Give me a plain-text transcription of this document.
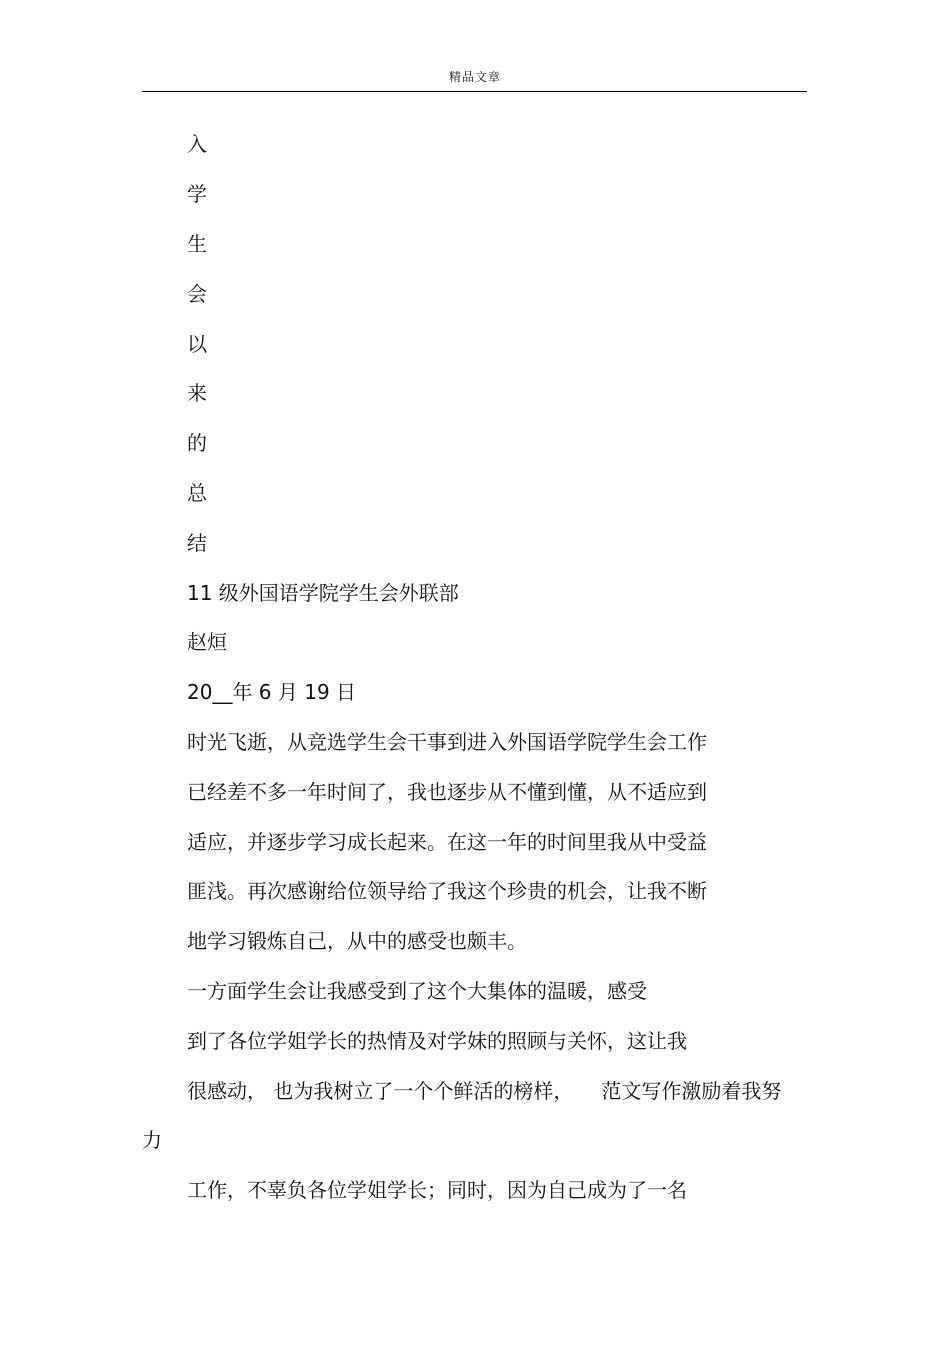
精品文章
入
学
生
会
以
来
的
总
结
11 级外国语学院学生会外联部
赵烜
20__年 6 月 19 日
时光飞逝，从竞选学生会干事到进入外国语学院学生会工作
已经差不多一年时间了，我也逐步从不懂到懂，从不适应到
适应，并逐步学习成长起来。在这一年的时间里我从中受益
匪浅。再次感谢给位领导给了我这个珍贵的机会，让我不断
地学习锻炼自己，从中的感受也颇丰。
一方面学生会让我感受到了这个大集体的温暖，感受
到了各位学姐学长的热情及对学妹的照顾与关怀，这让我
很感动， 也为我树立了一个个鲜活的榜样， 范文写作激励着我努
力
工作，不辜负各位学姐学长；同时，因为自己成为了一名
